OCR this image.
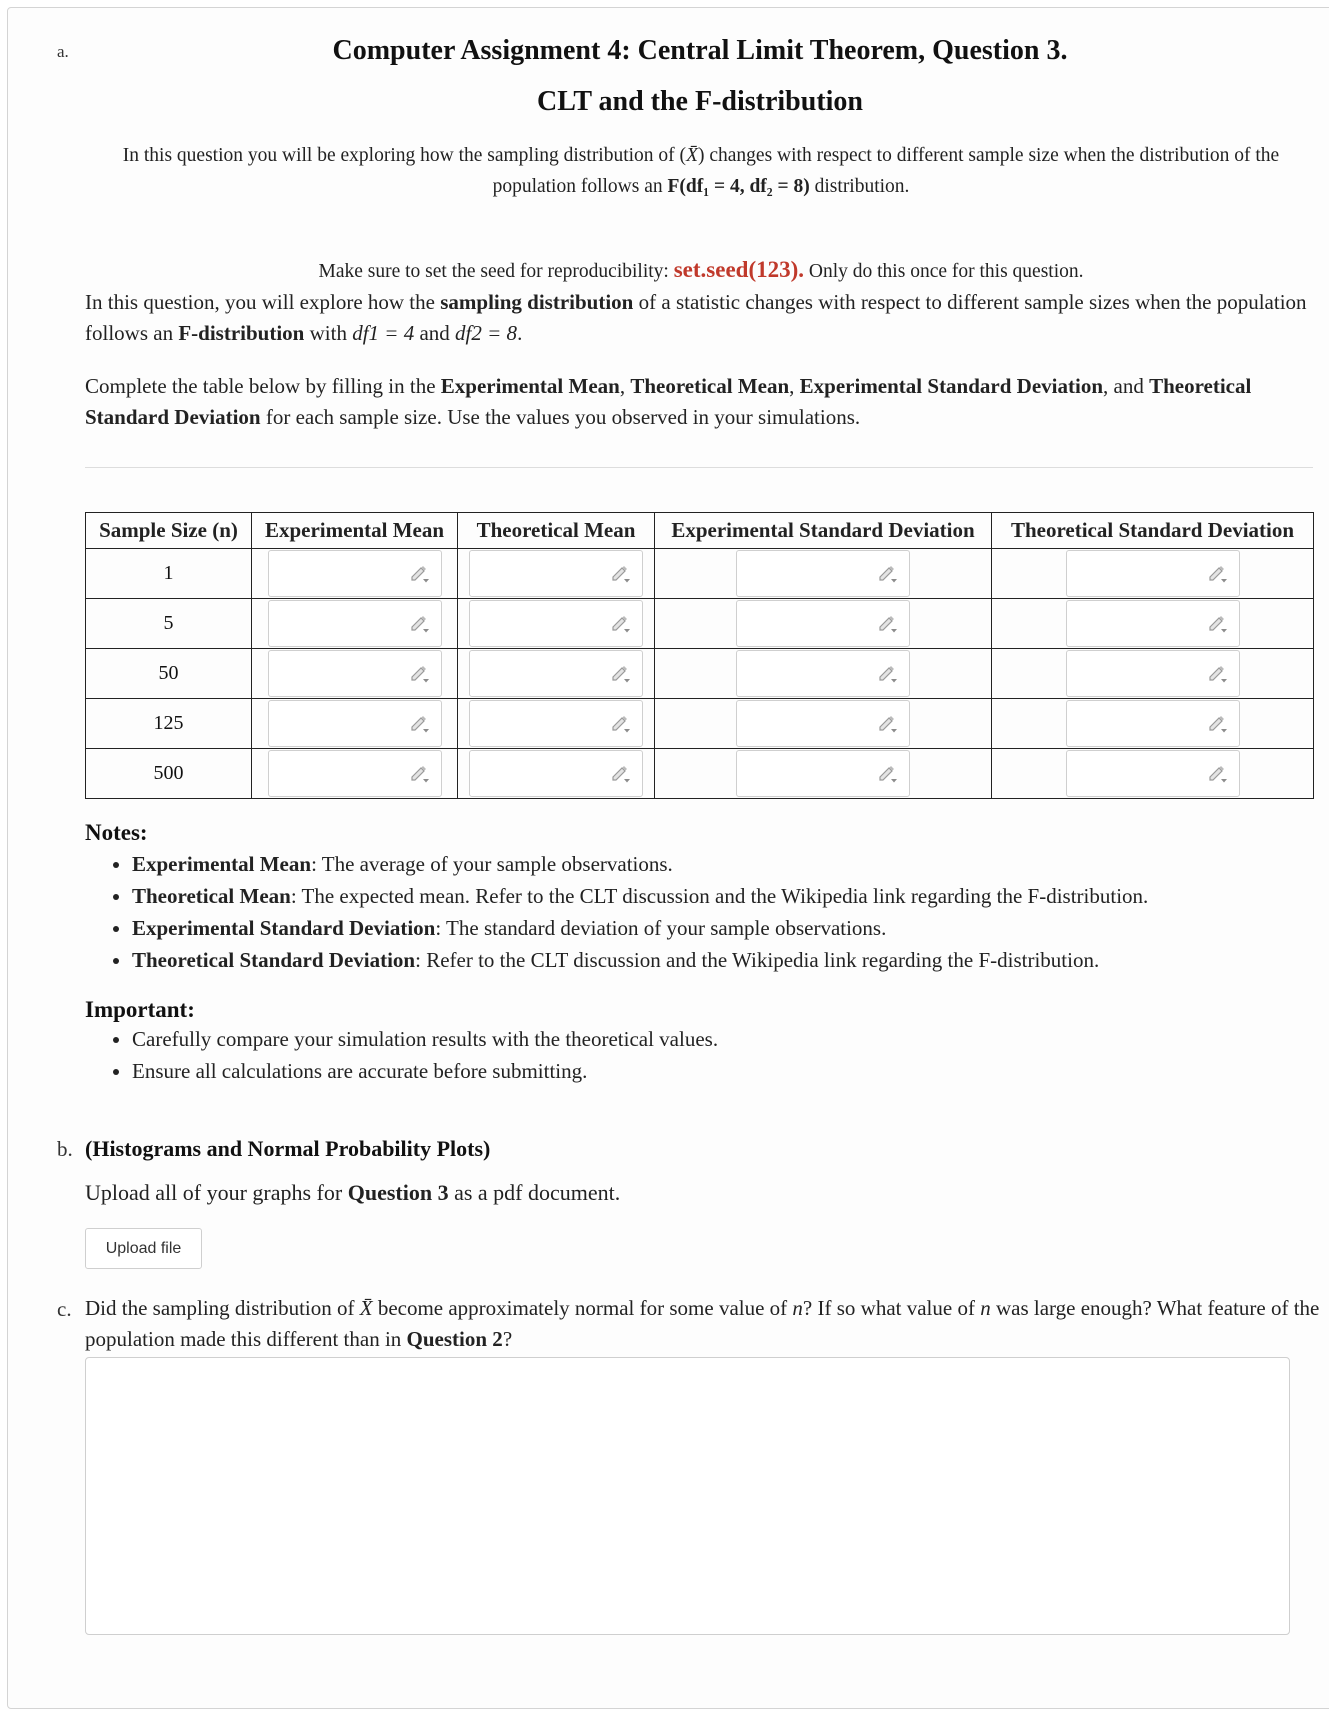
a.	Computer Assignment 4: Central Limit Theorem, Question 3.
CLT and the F-distribution
In this question you will be exploring how the sampling distribution of (X̄) changes with respect to different sample size when the distribution of the population follows an F(df₁ = 4, df₂ = 8) distribution.
Make sure to set the seed for reproducibility: set.seed(123). Only do this once for this question.
In this question, you will explore how the sampling distribution of a statistic changes with respect to different sample sizes when the population follows an F-distribution with df1 = 4 and df2 = 8.
Complete the table below by filling in the Experimental Mean, Theoretical Mean, Experimental Standard Deviation, and Theoretical Standard Deviation for each sample size. Use the values you observed in your simulations.
Sample Size (n)	Experimental Mean	Theoretical Mean	Experimental Standard Deviation	Theoretical Standard Deviation
1	

5	

50	

125	

500	

Notes:
• Experimental Mean: The average of your sample observations.
• Theoretical Mean: The expected mean. Refer to the CLT discussion and the Wikipedia link regarding the F-distribution.
• Experimental Standard Deviation: The standard deviation of your sample observations.
• Theoretical Standard Deviation: Refer to the CLT discussion and the Wikipedia link regarding the F-distribution.
Important:
• Carefully compare your simulation results with the theoretical values.
• Ensure all calculations are accurate before submitting.
b. (Histograms and Normal Probability Plots)
Upload all of your graphs for Question 3 as a pdf document.
Upload file
c. Did the sampling distribution of X̄ become approximately normal for some value of n? If so what value of n was large enough? What feature of the population made this different than in Question 2?
